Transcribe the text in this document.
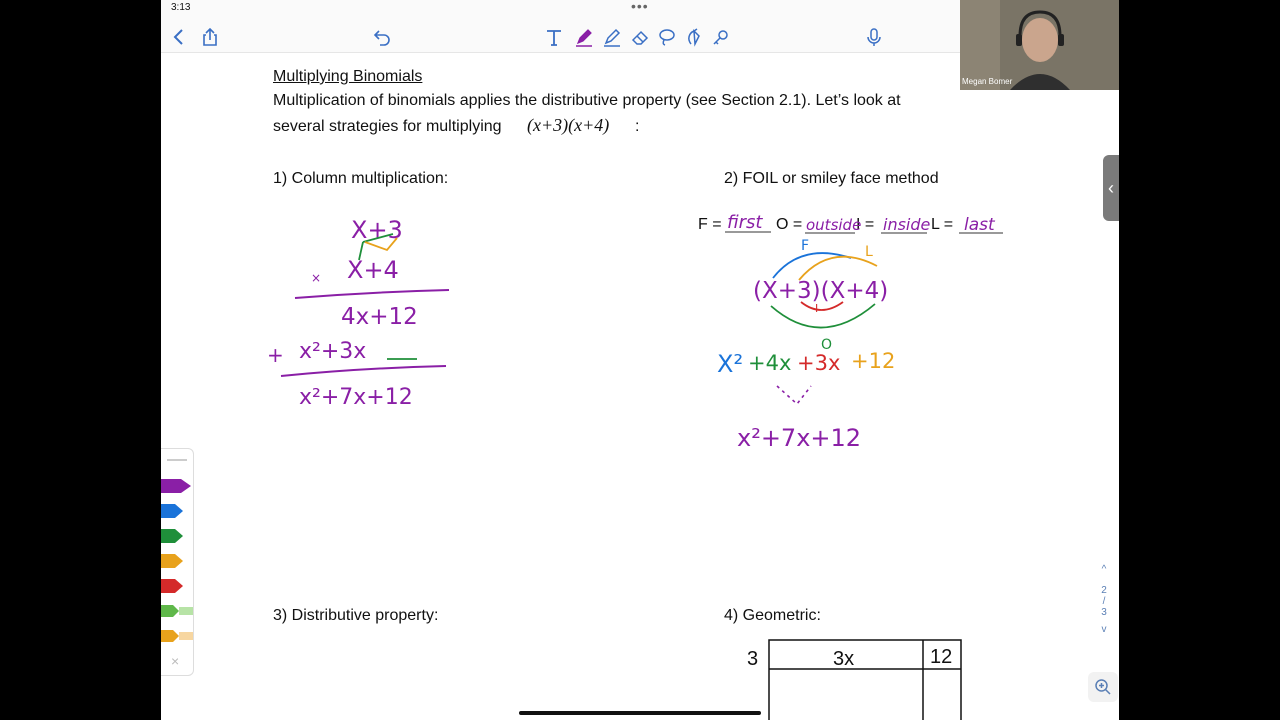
3:13	•••
Multiplying Binomials
Multiplication of binomials applies the distributive property (see Section 2.1). Let’s look at
several strategies for multiplying (x+3)(x+4) :
1) Column multiplication:	2) FOIL or smiley face method
3) Distributive property:	4) Geometric:
F =	O =	I =	L =
first	outside inside last
X+3
× X+4
4x+12
+ x²+3x
x²+7x+12
F	L
(X+3)(X+4)
I
O
X² +4x +3x +12
x²+7x+12
3	3x	12
×
Megan Bomer
‹
^
2
/
3
v
